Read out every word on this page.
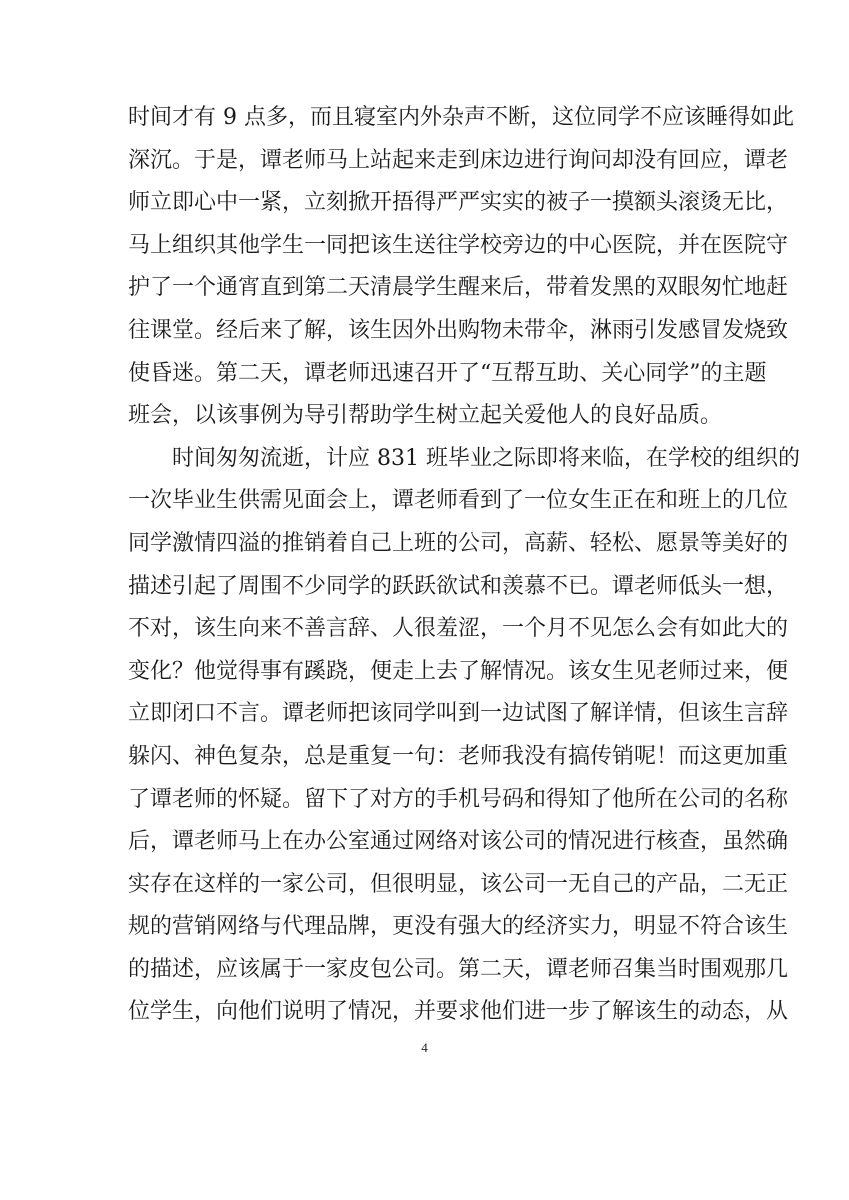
时间才有 9 点多，而且寝室内外杂声不断，这位同学不应该睡得如此
深沉。于是，谭老师马上站起来走到床边进行询问却没有回应，谭老
师立即心中一紧，立刻掀开捂得严严实实的被子一摸额头滚烫无比，
马上组织其他学生一同把该生送往学校旁边的中心医院，并在医院守
护了一个通宵直到第二天清晨学生醒来后，带着发黑的双眼匆忙地赶
往课堂。经后来了解，该生因外出购物未带伞，淋雨引发感冒发烧致
使昏迷。第二天，谭老师迅速召开了“互帮互助、关心同学”的主题
班会，以该事例为导引帮助学生树立起关爱他人的良好品质。
时间匆匆流逝，计应 831 班毕业之际即将来临，在学校的组织的
一次毕业生供需见面会上，谭老师看到了一位女生正在和班上的几位
同学激情四溢的推销着自己上班的公司，高薪、轻松、愿景等美好的
描述引起了周围不少同学的跃跃欲试和羡慕不已。谭老师低头一想，
不对，该生向来不善言辞、人很羞涩，一个月不见怎么会有如此大的
变化？他觉得事有蹊跷，便走上去了解情况。该女生见老师过来，便
立即闭口不言。谭老师把该同学叫到一边试图了解详情，但该生言辞
躲闪、神色复杂，总是重复一句：老师我没有搞传销呢！而这更加重
了谭老师的怀疑。留下了对方的手机号码和得知了他所在公司的名称
后，谭老师马上在办公室通过网络对该公司的情况进行核查，虽然确
实存在这样的一家公司，但很明显，该公司一无自己的产品，二无正
规的营销网络与代理品牌，更没有强大的经济实力，明显不符合该生
的描述，应该属于一家皮包公司。第二天，谭老师召集当时围观那几
位学生，向他们说明了情况，并要求他们进一步了解该生的动态，从
4
